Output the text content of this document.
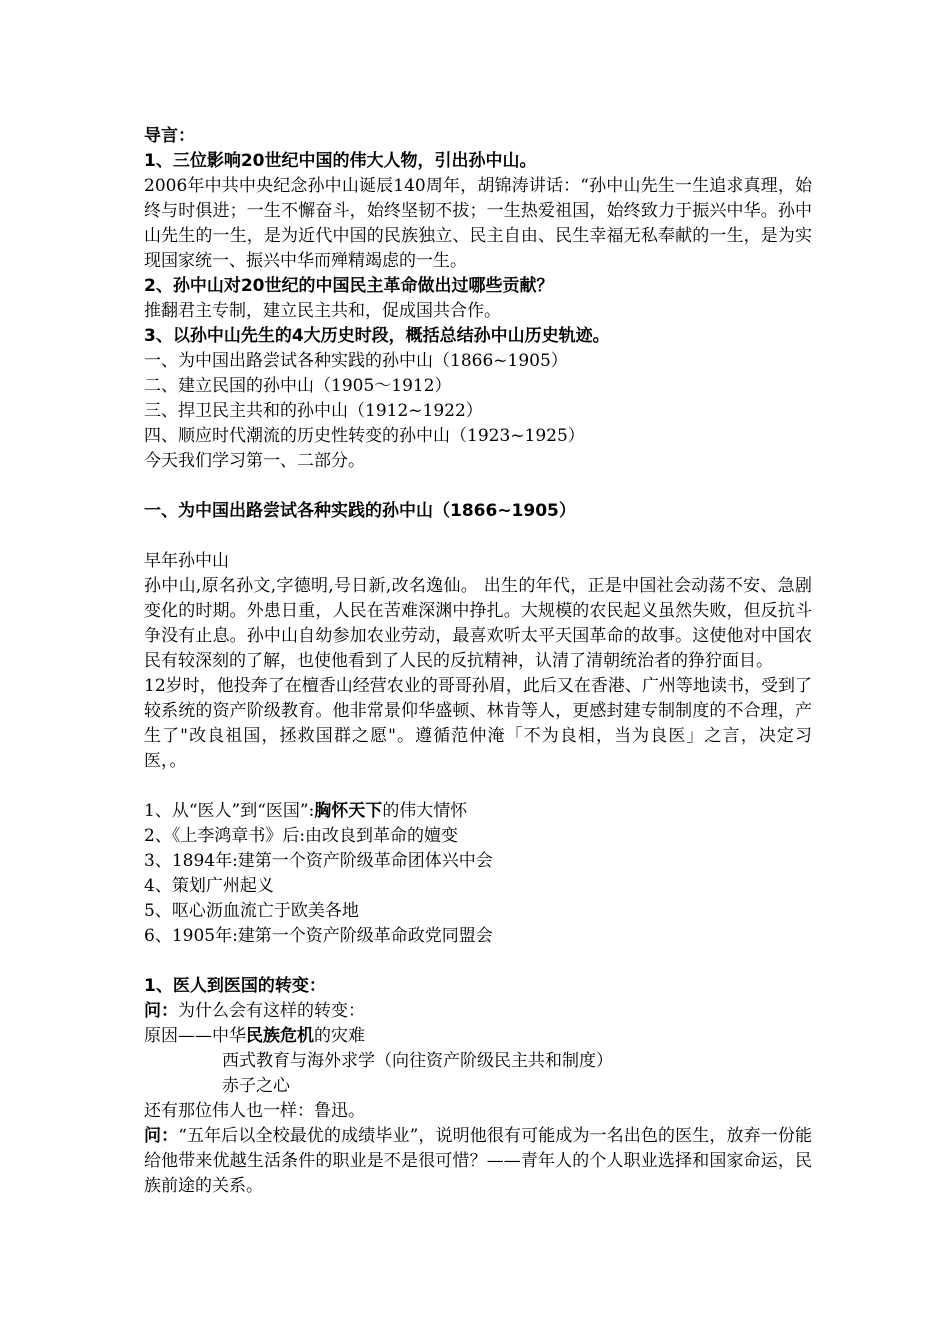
导言：
1、三位影响20世纪中国的伟大人物，引出孙中山。
2006年中共中央纪念孙中山诞辰140周年，胡锦涛讲话：“孙中山先生一生追求真理，始终与时俱进；一生不懈奋斗，始终坚韧不拔；一生热爱祖国，始终致力于振兴中华。孙中山先生的一生，是为近代中国的民族独立、民主自由、民生幸福无私奉献的一生，是为实现国家统一、振兴中华而殚精竭虑的一生。
2、孙中山对20世纪的中国民主革命做出过哪些贡献？
推翻君主专制，建立民主共和，促成国共合作。
3、以孙中山先生的4大历史时段，概括总结孙中山历史轨迹。
一、为中国出路尝试各种实践的孙中山（1866~1905）
二、建立民国的孙中山（1905～1912）
三、捍卫民主共和的孙中山（1912~1922）
四、顺应时代潮流的历史性转变的孙中山（1923~1925）
今天我们学习第一、二部分。
一、为中国出路尝试各种实践的孙中山（1866~1905）
早年孙中山
孙中山,原名孙文,字德明,号日新,改名逸仙。 出生的年代，正是中国社会动荡不安、急剧变化的时期。外患日重，人民在苦难深渊中挣扎。大规模的农民起义虽然失败，但反抗斗争没有止息。孙中山自幼参加农业劳动，最喜欢听太平天国革命的故事。这使他对中国农民有较深刻的了解，也使他看到了人民的反抗精神，认清了清朝统治者的狰狞面目。
12岁时，他投奔了在檀香山经营农业的哥哥孙眉，此后又在香港、广州等地读书，受到了较系统的资产阶级教育。他非常景仰华盛顿、林肯等人，更感封建专制制度的不合理，产生了"改良祖国，拯救国群之愿"。遵循范仲淹「不为良相，当为良医」之言，决定习医，。
1、从“医人”到“医国”:胸怀天下的伟大情怀
2、《上李鸿章书》后:由改良到革命的嬗变
3、1894年:建第一个资产阶级革命团体兴中会
4、策划广州起义
5、呕心沥血流亡于欧美各地
6、1905年:建第一个资产阶级革命政党同盟会
1、医人到医国的转变：
问：为什么会有这样的转变：
原因——中华民族危机的灾难
西式教育与海外求学（向往资产阶级民主共和制度）
赤子之心
还有那位伟人也一样：鲁迅。
问：“五年后以全校最优的成绩毕业”，说明他很有可能成为一名出色的医生，放弃一份能给他带来优越生活条件的职业是不是很可惜？——青年人的个人职业选择和国家命运，民族前途的关系。
